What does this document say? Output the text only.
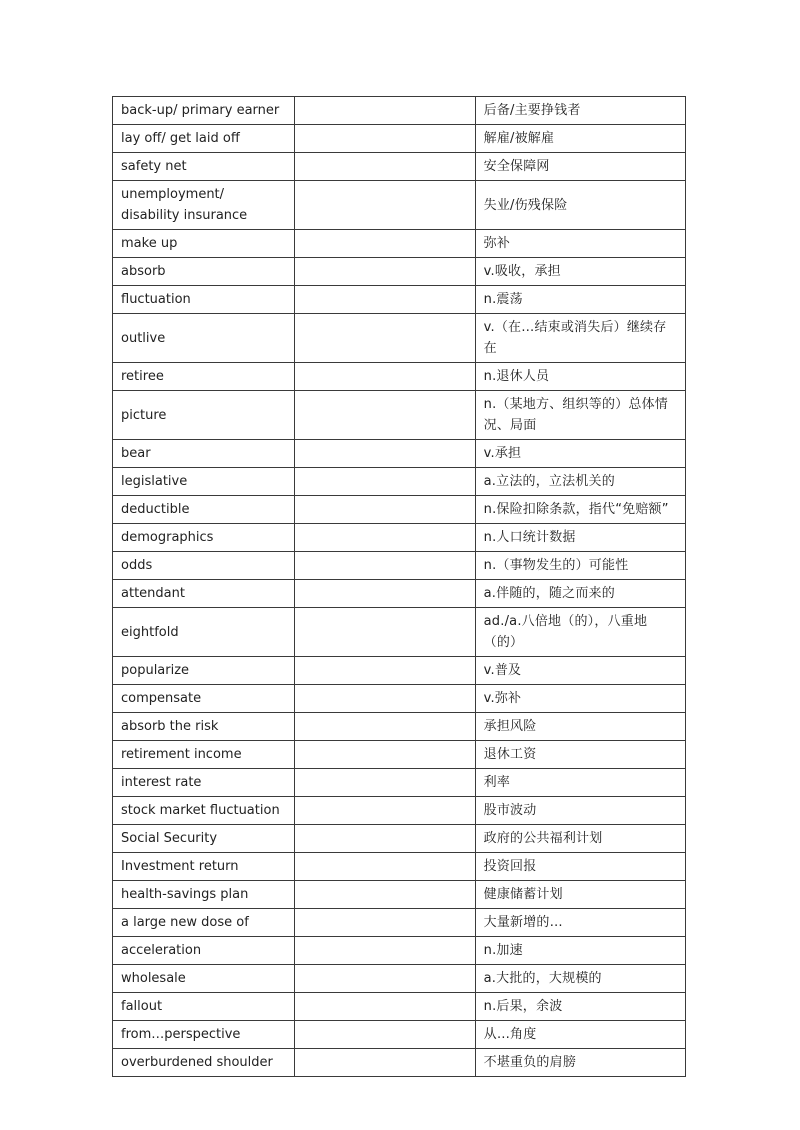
back-up/ primary earner		后备/主要挣钱者
lay off/ get laid off		解雇/被解雇
safety net		安全保障网
unemployment/ disability insurance		失业/伤残保险
make up		弥补
absorb		v.吸收，承担
fluctuation		n.震荡
outlive		v.（在…结束或消失后）继续存在
retiree		n.退休人员
picture		n.（某地方、组织等的）总体情况、局面
bear		v.承担
legislative		a.立法的，立法机关的
deductible		n.保险扣除条款，指代“免赔额”
demographics		n.人口统计数据
odds		n.（事物发生的）可能性
attendant		a.伴随的，随之而来的
eightfold		ad./a.八倍地（的），八重地（的）
popularize		v.普及
compensate		v.弥补
absorb the risk		承担风险
retirement income		退休工资
interest rate		利率
stock market fluctuation		股市波动
Social Security		政府的公共福利计划
Investment return		投资回报
health-savings plan		健康储蓄计划
a large new dose of		大量新增的…
acceleration		n.加速
wholesale		a.大批的，大规模的
fallout		n.后果，余波
from…perspective		从…角度
overburdened shoulder		不堪重负的肩膀
